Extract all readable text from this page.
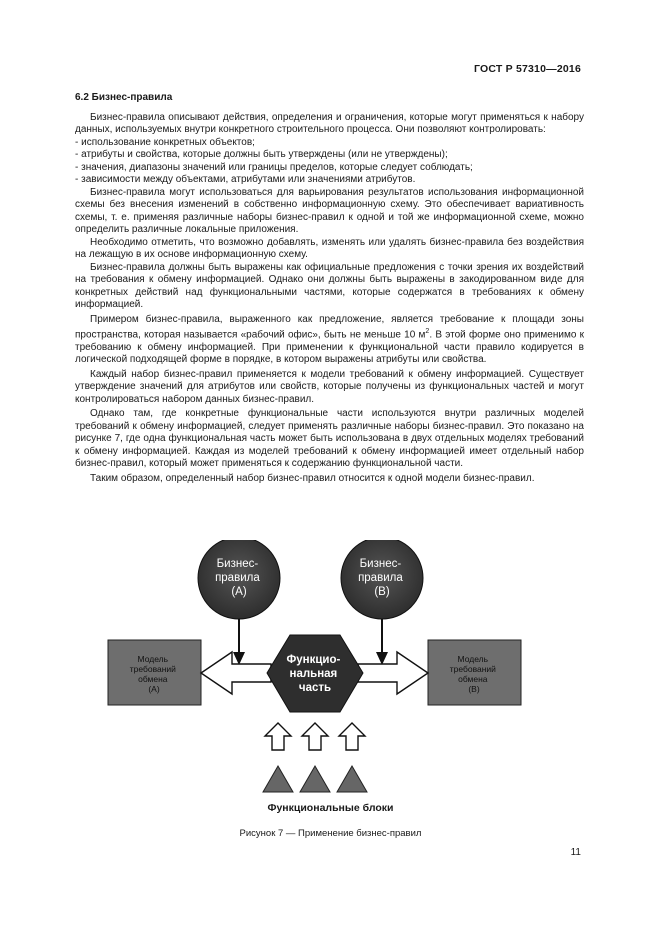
ГОСТ Р 57310—2016
6.2 Бизнес-правила

Бизнес-правила описывают действия, определения и ограничения, которые могут применяться к набору данных, используемых внутри конкретного строительного процесса. Они позволяют контролировать:

- использование конкретных объектов;

- атрибуты и свойства, которые должны быть утверждены (или не утверждены);

- значения, диапазоны значений или границы пределов, которые следует соблюдать;

- зависимости между объектами, атрибутами или значениями атрибутов.

Бизнес-правила могут использоваться для варьирования результатов использования информационной схемы без внесения изменений в собственно информационную схему. Это обеспечивает вариативность схемы, т. е. применяя различные наборы бизнес-правил к одной и той же информационной схеме, можно определить различные локальные приложения.

Необходимо отметить, что возможно добавлять, изменять или удалять бизнес-правила без воздействия на лежащую в их основе информационную схему.

Бизнес-правила должны быть выражены как официальные предложения с точки зрения их воздействий на требования к обмену информацией. Однако они должны быть выражены в закодированном виде для конкретных действий над функциональными частями, которые содержатся в требованиях к обмену информацией.

Примером бизнес-правила, выраженного как предложение, является требование к площади зоны пространства, которая называется «рабочий офис», быть не меньше 10 $м^2$. В этой форме оно применимо к требованию к обмену информацией. При применении к функциональной части правило кодируется в логической подходящей форме в порядке, в котором выражены атрибуты или свойства.

Каждый набор бизнес-правил применяется к модели требований к обмену информацией. Существует утверждение значений для атрибутов или свойств, которые получены из функциональных частей и могут контролироваться набором данных бизнес-правил.

Однако там, где конкретные функциональные части используются внутри различных моделей требований к обмену информацией, следует применять различные наборы бизнес-правил. Это показано на рисунке 7, где одна функциональная часть может быть использована в двух отдельных моделях требований к обмену информацией. Каждая из моделей требований к обмену информацией имеет отдельный набор бизнес-правил, который может применяться к содержанию функциональной части.

Таким образом, определенный набор бизнес-правил относится к одной модели бизнес-правил.

Бизнес- правила (А)
Бизнес- правила (В)
Модель требований обмена (А)
Модель требований обмена (В)
Функцио- нальная часть
Функциональные блоки
Рисунок 7 — Применение бизнес-правил
11
